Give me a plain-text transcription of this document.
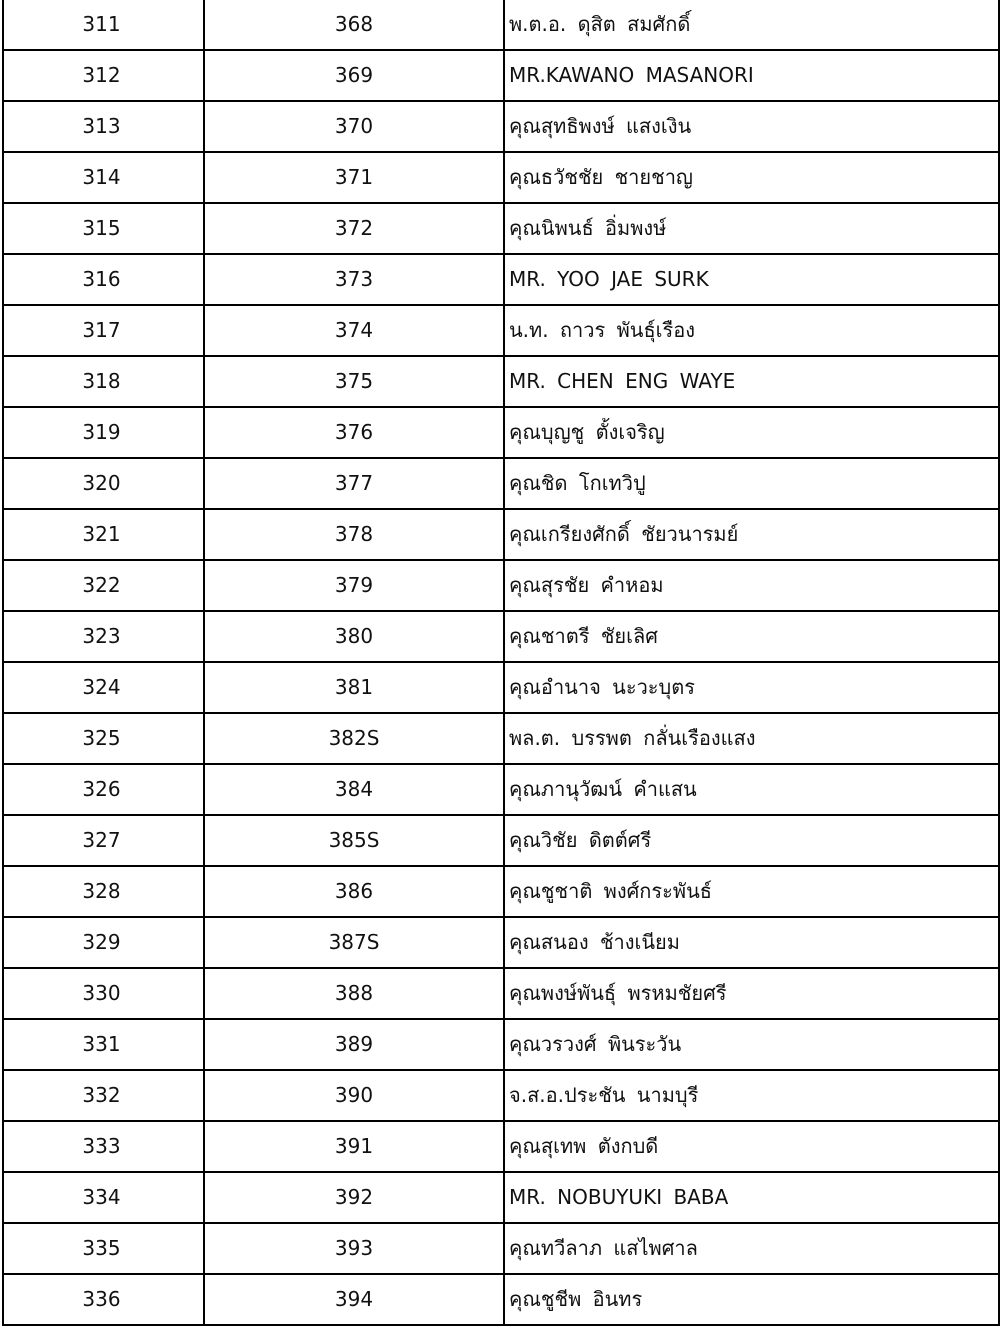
311	368	พ.ต.อ. ดุสิต สมศักดิ์
312	369	MR.KAWANO MASANORI
313	370	คุณสุทธิพงษ์ แสงเงิน
314	371	คุณธวัชชัย ชายชาญ
315	372	คุณนิพนธ์ อิ่มพงษ์
316	373	MR. YOO JAE SURK
317	374	น.ท. ถาวร พันธุ์เรือง
318	375	MR. CHEN ENG WAYE
319	376	คุณบุญชู ตั้งเจริญ
320	377	คุณชิด โกเทวิปู
321	378	คุณเกรียงศักดิ์ ชัยวนารมย์
322	379	คุณสุรชัย คำหอม
323	380	คุณชาตรี ชัยเลิศ
324	381	คุณอำนาจ นะวะบุตร
325	382S	พล.ต. บรรพต กลั่นเรืองแสง
326	384	คุณภานุวัฒน์ คำแสน
327	385S	คุณวิชัย ดิตต์ศรี
328	386	คุณชูชาติ พงศ์กระพันธ์
329	387S	คุณสนอง ช้างเนียม
330	388	คุณพงษ์พันธุ์ พรหมชัยศรี
331	389	คุณวรวงศ์ พินระวัน
332	390	จ.ส.อ.ประชัน นามบุรี
333	391	คุณสุเทพ ตังกบดี
334	392	MR. NOBUYUKI BABA
335	393	คุณทวีลาภ แสไพศาล
336	394	คุณชูชีพ อินทร
